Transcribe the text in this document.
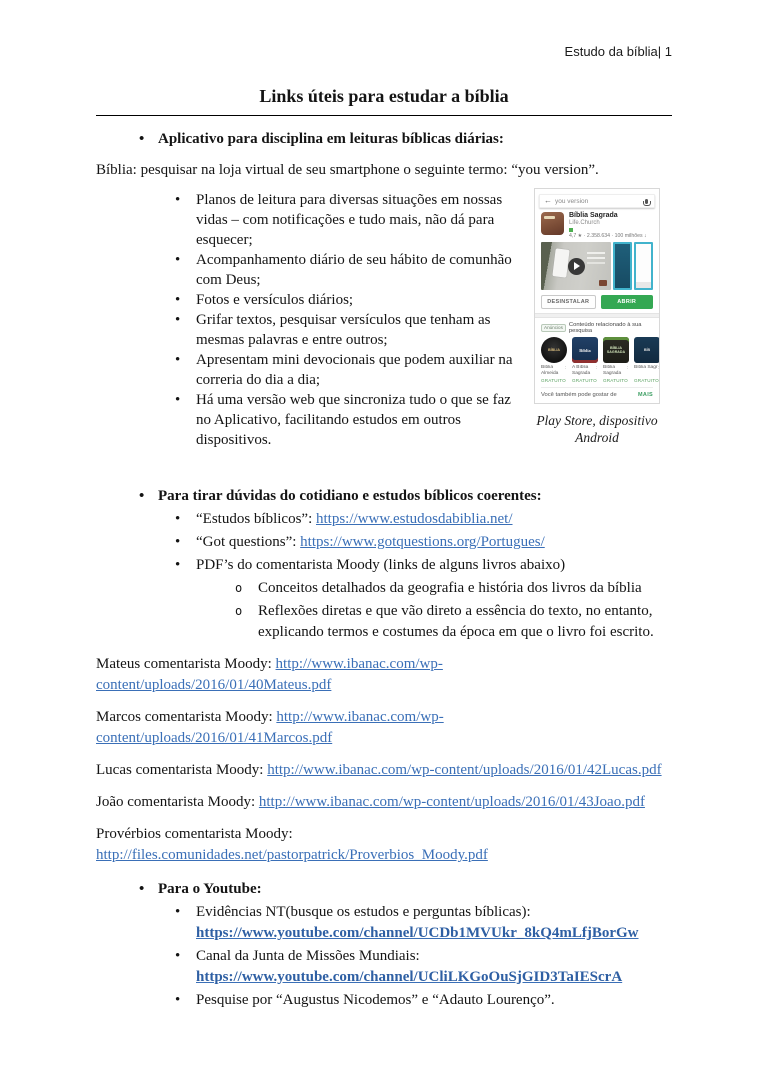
Estudo da bíblia| 1
Links úteis para estudar a bíblia
• Aplicativo para disciplina em leituras bíblicas diárias:

Bíblia: pesquisar na loja virtual de seu smartphone o seguinte termo: “you version”.

• Planos de leitura para diversas situações em nossas vidas – com notificações e tudo mais, não dá para esquecer;
• Acompanhamento diário de seu hábito de comunhão com Deus;
• Fotos e versículos diários;
• Grifar textos, pesquisar versículos que tenham as mesmas palavras e entre outros;
• Apresentam mini devocionais que podem auxiliar na correria do dia a dia;
• Há uma versão web que sincroniza tudo o que se faz no Aplicativo, facilitando estudos em outros dispositivos.
←
you version
Bíblia Sagrada
Life.Church
4,7 ★ · 2.358.634 · 100 milhões ↓
DESINSTALAR	ABRIR
Anúncios	Conteúdo relacionado à sua pesquisa
BÍBLIA
Bíblia Almeida ⋮
GRATUITO
Bíblia
A Bíblia Sagrada ⋮
GRATUITO
BÍBLIA SAGRADA
Bíblia Sagrada ⋮
GRATUITO
BÍB
Bíblia Sagr ⋮
GRATUITO
Você também pode gostar de	MAIS
Play Store, dispositivo Android
• Para tirar dúvidas do cotidiano e estudos bíblicos coerentes:
• “Estudos bíblicos”: https://www.estudosdabiblia.net/
• “Got questions”: https://www.gotquestions.org/Portugues/
• PDF’s do comentarista Moody (links de alguns livros abaixo)
o Conceitos detalhados da geografia e história dos livros da bíblia
o Reflexões diretas e que vão direto a essência do texto, no entanto, explicando termos e costumes da época em que o livro foi escrito.

Mateus comentarista Moody: http://www.ibanac.com/wp-content/uploads/2016/01/40Mateus.pdf

Marcos comentarista Moody: http://www.ibanac.com/wp-content/uploads/2016/01/41Marcos.pdf

Lucas comentarista Moody: http://www.ibanac.com/wp-content/uploads/2016/01/42Lucas.pdf

João comentarista Moody: http://www.ibanac.com/wp-content/uploads/2016/01/43Joao.pdf

Provérbios comentarista Moody: http://files.comunidades.net/pastorpatrick/Proverbios_Moody.pdf

• Para o Youtube:
• Evidências NT(busque os estudos e perguntas bíblicas):
https://www.youtube.com/channel/UCDb1MVUkr_8kQ4mLfjBorGw
• Canal da Junta de Missões Mundiais:
https://www.youtube.com/channel/UCliLKGoOuSjGID3TaIEScrA
• Pesquise por “Augustus Nicodemos” e “Adauto Lourenço”.
